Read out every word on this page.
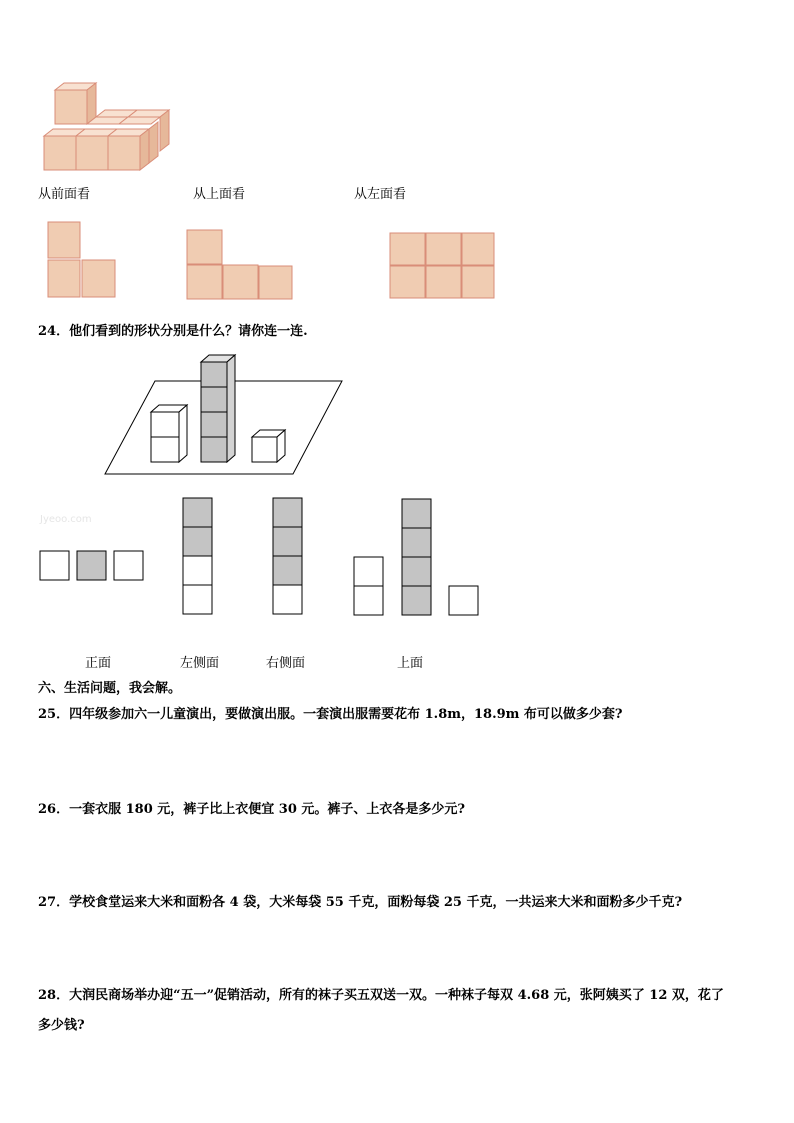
从前面看	从上面看	从左面看
24．他们看到的形状分别是什么？请你连一连.
Jyeoo.com
正面	左侧面	右侧面	上面
六、生活问题，我会解。
25．四年级参加六一儿童演出，要做演出服。一套演出服需要花布 1.8m，18.9m 布可以做多少套?
26．一套衣服 180 元，裤子比上衣便宜 30 元。裤子、上衣各是多少元?
27．学校食堂运来大米和面粉各 4 袋，大米每袋 55 千克，面粉每袋 25 千克，一共运来大米和面粉多少千克?
28．大润民商场举办迎“五一”促销活动，所有的袜子买五双送一双。一种袜子每双 4.68 元，张阿姨买了 12 双，花了
多少钱?
